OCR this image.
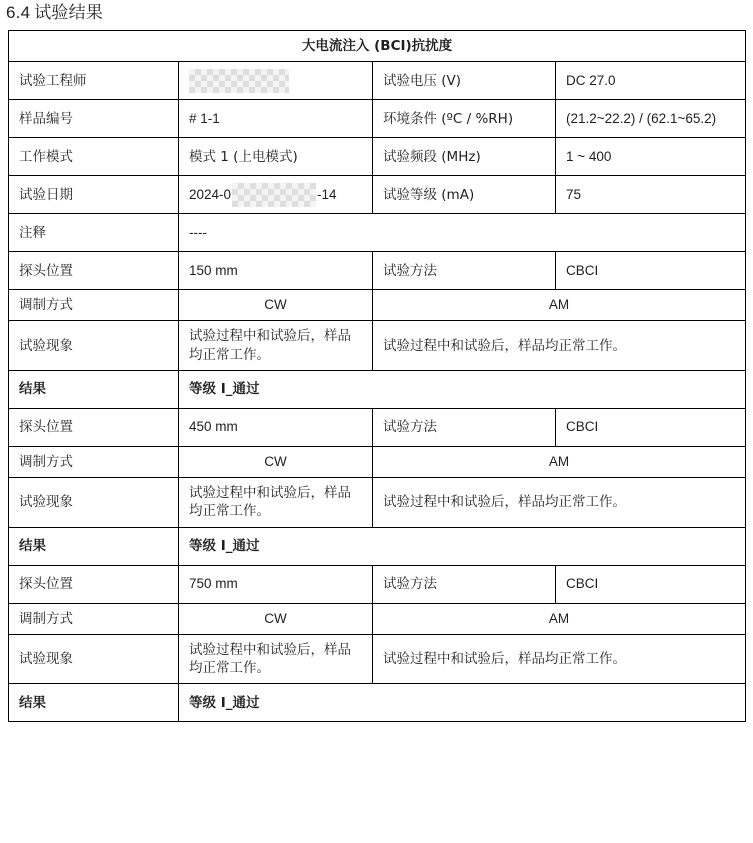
6.4 试验结果
大电流注入 (BCI)抗扰度			
试验工程师		试验电压 (V)	DC 27.0
样品编号	# 1-1	环境条件 (ºC / %RH)	(21.2~22.2) / (62.1~65.2)
工作模式	模式 1 (上电模式)	试验频段 (MHz)	1 ~ 400
试验日期	2024-0 -14	试验等级 (mA)	75
注释	----		
探头位置	150 mm	试验方法	CBCI
调制方式	CW	AM	
试验现象	试验过程中和试验后，样品均正常工作。	试验过程中和试验后，样品均正常工作。	
结果	等级 I_通过		
探头位置	450 mm	试验方法	CBCI
调制方式	CW	AM	
试验现象	试验过程中和试验后，样品均正常工作。	试验过程中和试验后，样品均正常工作。	
结果	等级 I_通过		
探头位置	750 mm	试验方法	CBCI
调制方式	CW	AM	
试验现象	试验过程中和试验后，样品均正常工作。	试验过程中和试验后，样品均正常工作。	
结果	等级 I_通过		
